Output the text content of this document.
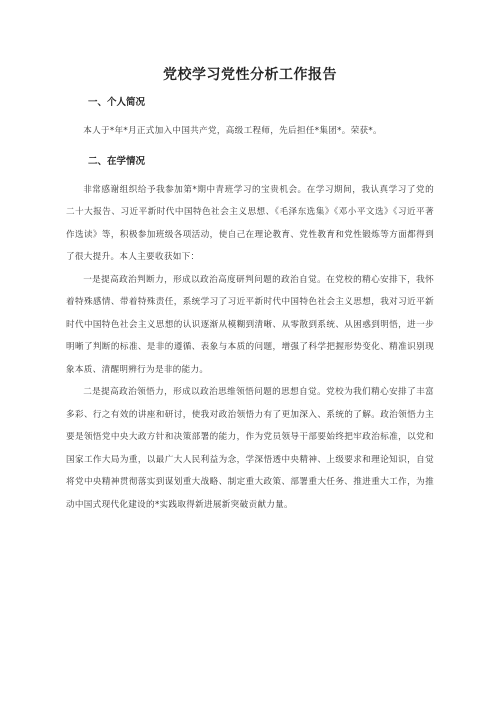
党校学习党性分析工作报告
一、个人简况

本人于*年*月正式加入中国共产党，高级工程师，先后担任*集团*。荣获*。

二、在学情况

非常感谢组织给予我参加第*期中青班学习的宝贵机会。在学习期间，我认真学习了党的二十大报告、习近平新时代中国特色社会主义思想、《毛泽东选集》《邓小平文选》《习近平著作选读》等，积极参加班级各项活动，使自己在理论教育、党性教育和党性锻炼等方面都得到了很大提升。本人主要收获如下：

一是提高政治判断力，形成以政治高度研判问题的政治自觉。在党校的精心安排下，我怀着特殊感情、带着特殊责任，系统学习了习近平新时代中国特色社会主义思想，我对习近平新时代中国特色社会主义思想的认识逐渐从模糊到清晰、从零散到系统、从困惑到明悟，进一步明晰了判断的标准、是非的遵循、表象与本质的问题，增强了科学把握形势变化、精准识别现象本质、清醒明辨行为是非的能力。

二是提高政治领悟力，形成以政治思维领悟问题的思想自觉。党校为我们精心安排了丰富多彩、行之有效的讲座和研讨，使我对政治领悟力有了更加深入、系统的了解。政治领悟力主要是领悟党中央大政方针和决策部署的能力，作为党员领导干部要始终把牢政治标准，以党和国家工作大局为重，以最广大人民利益为念，学深悟透中央精神、上级要求和理论知识，自觉将党中央精神贯彻落实到谋划重大战略、制定重大政策、部署重大任务、推进重大工作，为推动中国式现代化建设的*实践取得新进展新突破贡献力量。
